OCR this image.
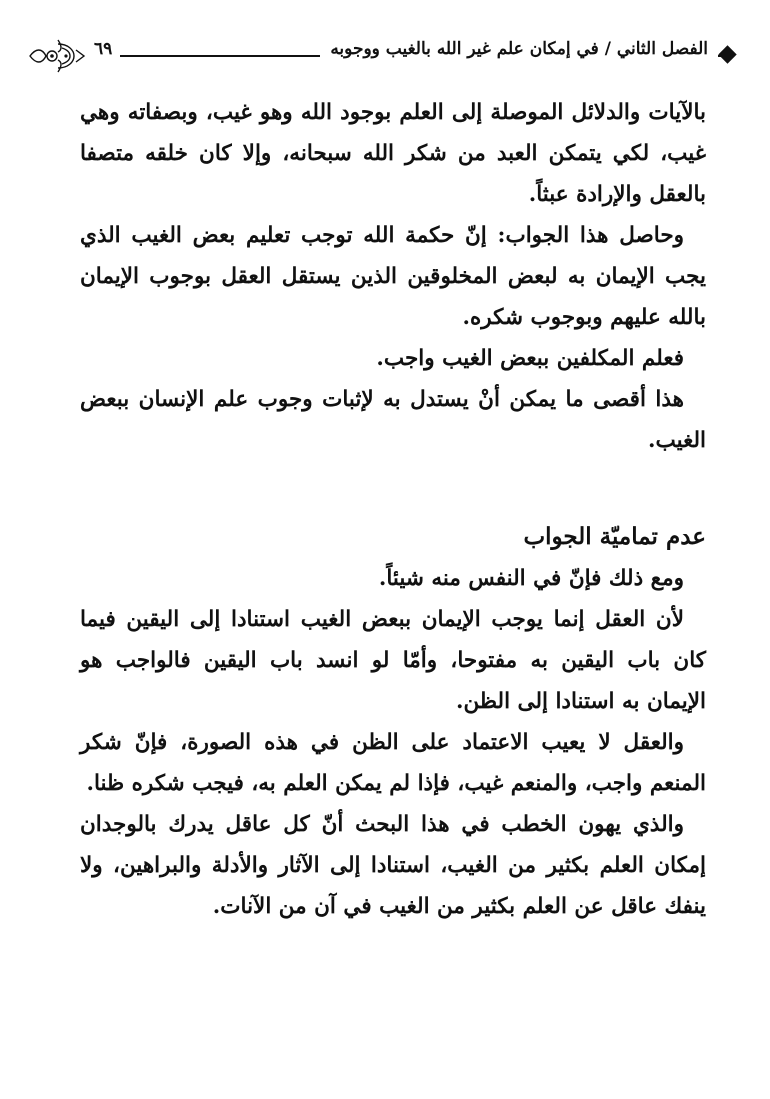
٦٩	الفصل الثاني / في إمكان علم غير الله بالغيب ووجوبه

بالآيات والدلائل الموصلة إلى العلم بوجود الله وهو غيب، وبصفاته وهي غيب، لكي يتمكن العبد من شكر الله سبحانه، وإلا كان خلقه متصفا بالعقل والإرادة عبثاً.

وحاصل هذا الجواب: إنّ حكمة الله توجب تعليم بعض الغيب الذي يجب الإيمان به لبعض المخلوقين الذين يستقل العقل بوجوب الإيمان بالله عليهم وبوجوب شكره.

فعلم المكلفين ببعض الغيب واجب.

هذا أقصى ما يمكن أنْ يستدل به لإثبات وجوب علم الإنسان ببعض الغيب.

عدم تماميّة الجواب

ومع ذلك فإنّ في النفس منه شيئاً.

لأن العقل إنما يوجب الإيمان ببعض الغيب استنادا إلى اليقين فيما كان باب اليقين به مفتوحا، وأمّا لو انسد باب اليقين فالواجب هو الإيمان به استنادا إلى الظن.

والعقل لا يعيب الاعتماد على الظن في هذه الصورة، فإنّ شكر المنعم واجب، والمنعم غيب، فإذا لم يمكن العلم به، فيجب شكره ظنا.

والذي يهون الخطب في هذا البحث أنّ كل عاقل يدرك بالوجدان إمكان العلم بكثير من الغيب، استنادا إلى الآثار والأدلة والبراهين، ولا ينفك عاقل عن العلم بكثير من الغيب في آن من الآنات.
